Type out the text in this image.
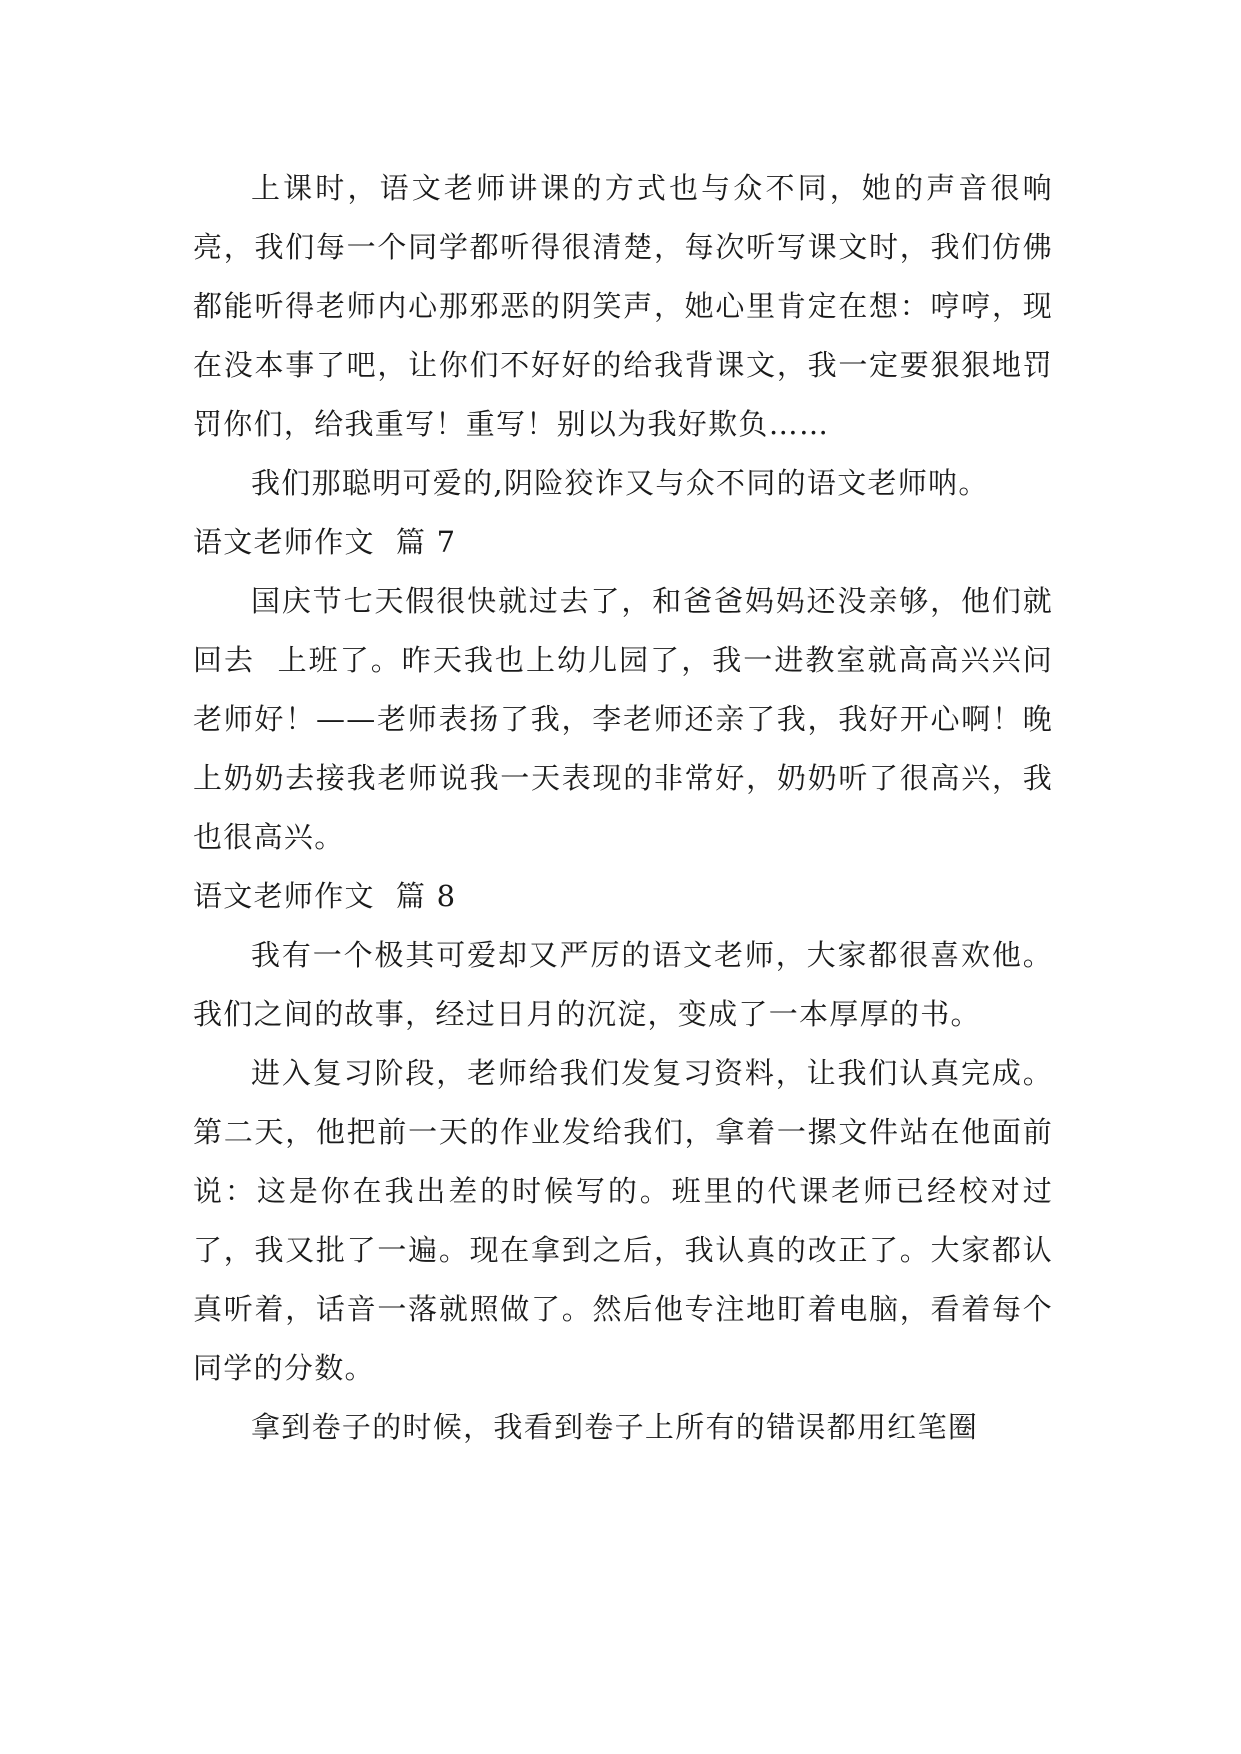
上课时，语文老师讲课的方式也与众不同，她的声音很响亮，我们每一个同学都听得很清楚，每次听写课文时，我们仿佛都能听得老师内心那邪恶的阴笑声，她心里肯定在想：哼哼，现在没本事了吧，让你们不好好的给我背课文，我一定要狠狠地罚罚你们，给我重写！重写！别以为我好欺负……

我们那聪明可爱的,阴险狡诈又与众不同的语文老师呐。

语文老师作文  篇 7

国庆节七天假很快就过去了，和爸爸妈妈还没亲够，他们就回去  上班了。昨天我也上幼儿园了，我一进教室就高高兴兴问老师好！——老师表扬了我，李老师还亲了我，我好开心啊！晚上奶奶去接我老师说我一天表现的非常好，奶奶听了很高兴，我也很高兴。

语文老师作文  篇 8

我有一个极其可爱却又严厉的语文老师，大家都很喜欢他。我们之间的故事，经过日月的沉淀，变成了一本厚厚的书。

进入复习阶段，老师给我们发复习资料，让我们认真完成。第二天，他把前一天的作业发给我们，拿着一摞文件站在他面前说：这是你在我出差的时候写的。班里的代课老师已经校对过了，我又批了一遍。现在拿到之后，我认真的改正了。大家都认真听着，话音一落就照做了。然后他专注地盯着电脑，看着每个同学的分数。

拿到卷子的时候，我看到卷子上所有的错误都用红笔圈
